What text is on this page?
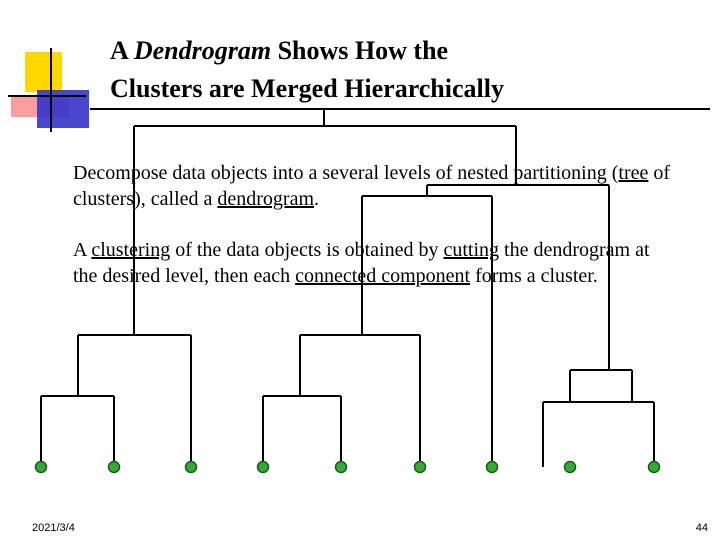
A Dendrogram Shows How the
Clusters are Merged Hierarchically
Decompose data objects into a several levels of nested partitioning (tree of clusters), called a dendrogram.
A clustering of the data objects is obtained by cutting the dendrogram at the desired level, then each connected component forms a cluster.
2021/3/4	44
